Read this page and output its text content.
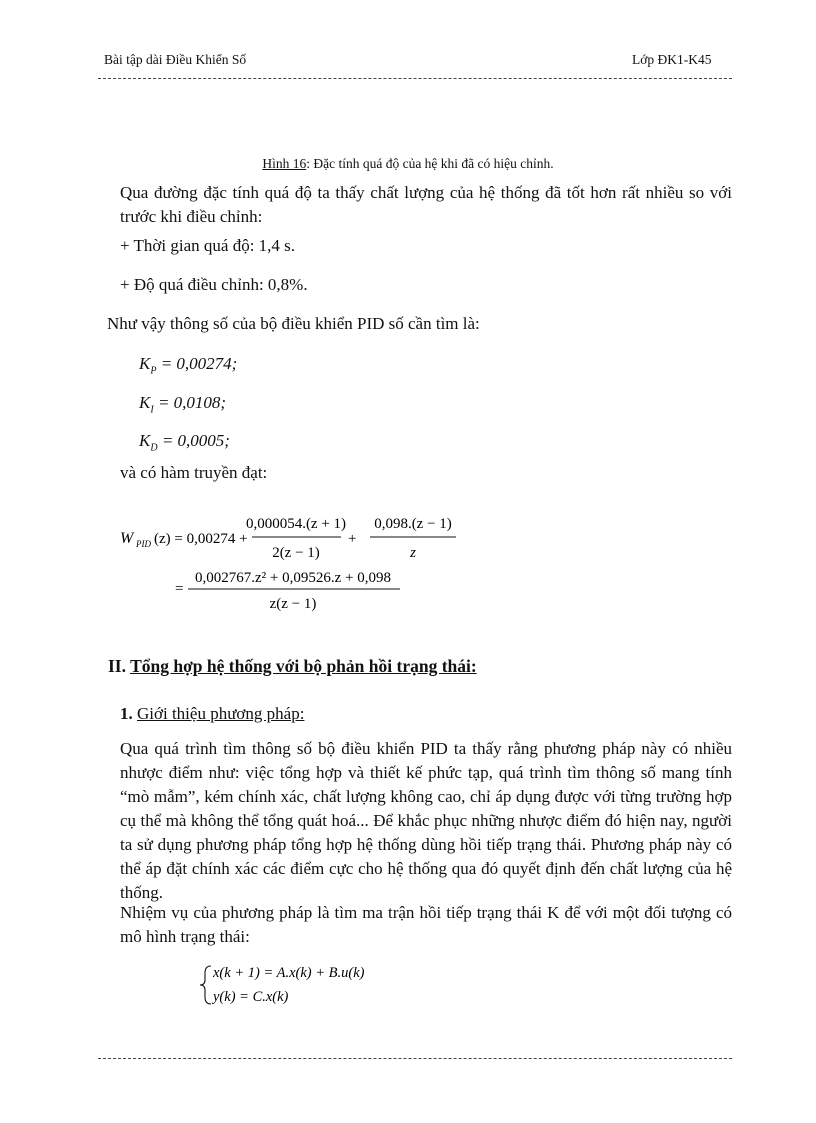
Bài tập dài Điều Khiển Số	Lớp ĐK1-K45
Hình 16: Đặc tính quá độ của hệ khi đã có hiệu chỉnh.
Qua đường đặc tính quá độ ta thấy chất lượng của hệ thống đã tốt hơn rất nhiều so với trước khi điều chỉnh:
+ Thời gian quá độ: 1,4 s.
+ Độ quá điều chỉnh: 0,8%.
Như vậy thông số của bộ điều khiển PID số cần tìm là:
$K_P = 0,00274$;
$K_I = 0,0108$;
$K_D = 0,0005$;
và có hàm truyền đạt:
W PID (z) = 0,00274 +
0,000054.(z + 1)
2(z − 1)
+
0,098.(z − 1)
z
=
0,002767.z² + 0,09526.z + 0,098
z(z − 1)
x(k + 1) = A.x(k) + B.u(k)
y(k) = C.x(k)
II. Tổng hợp hệ thống với bộ phản hồi trạng thái:
1. Giới thiệu phương pháp:
Qua quá trình tìm thông số bộ điều khiển PID ta thấy rằng phương pháp này có nhiều nhược điểm như: việc tổng hợp và thiết kế phức tạp, quá trình tìm thông số mang tính “mò mẫm”, kém chính xác, chất lượng không cao, chỉ áp dụng được với từng trường hợp cụ thể mà không thể tổng quát hoá... Để khắc phục những nhược điểm đó hiện nay, người ta sử dụng phương pháp tổng hợp hệ thống dùng hồi tiếp trạng thái. Phương pháp này có thể áp đặt chính xác các điểm cực cho hệ thống qua đó quyết định đến chất lượng của hệ thống.
Nhiệm vụ của phương pháp là tìm ma trận hồi tiếp trạng thái K để với một đối tượng có mô hình trạng thái:
